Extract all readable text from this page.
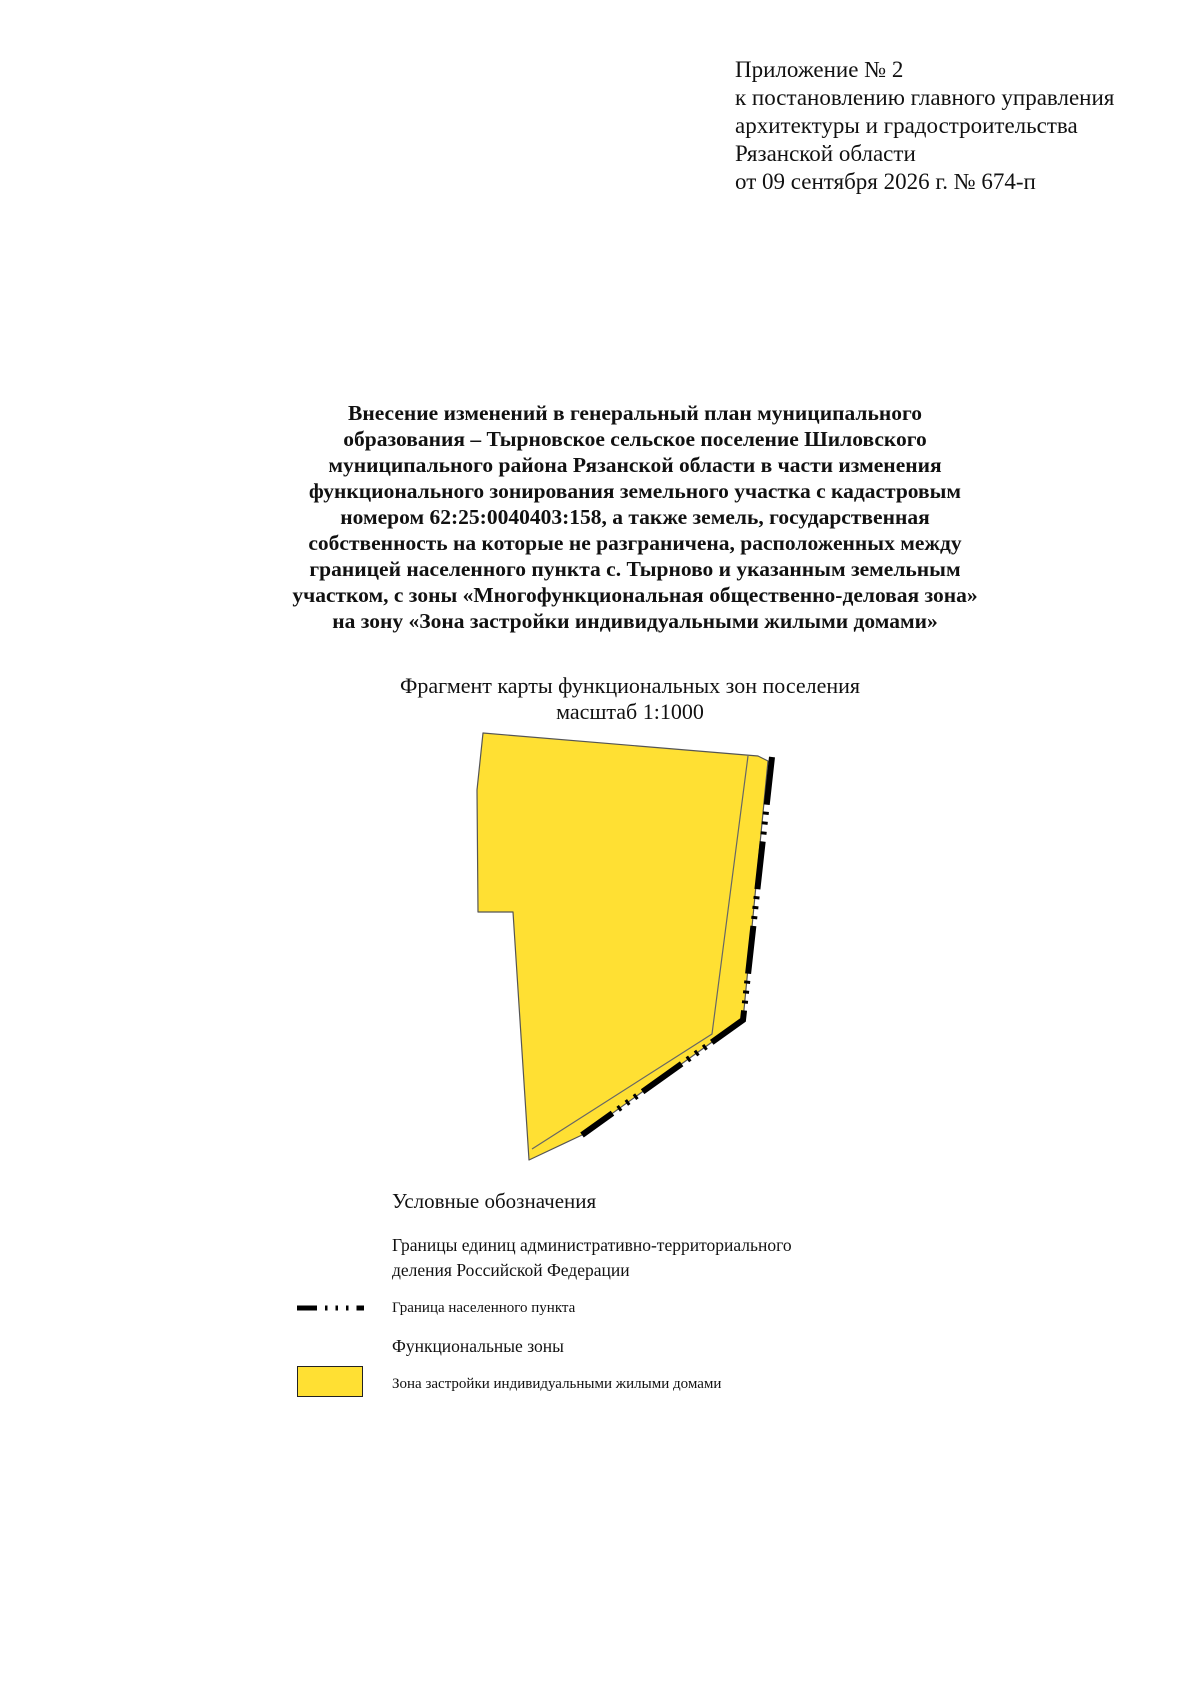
Приложение № 2
к постановлению главного управления
архитектуры и градостроительства
Рязанской области
от 09 сентября 2026 г. № 674-п
Внесение изменений в генеральный план муниципального
образования – Тырновское сельское поселение Шиловского
муниципального района Рязанской области в части изменения
функционального зонирования земельного участка с кадастровым
номером 62:25:0040403:158, а также земель, государственная
собственность на которые не разграничена, расположенных между
границей населенного пункта с. Тырново и указанным земельным
участком, с зоны «Многофункциональная общественно-деловая зона»
на зону «Зона застройки индивидуальными жилыми домами»
Фрагмент карты функциональных зон поселения
масштаб 1:1000
Условные обозначения
Границы единиц административно-территориального
деления Российской Федерации
Граница населенного пункта
Функциональные зоны
Зона застройки индивидуальными жилыми домами
